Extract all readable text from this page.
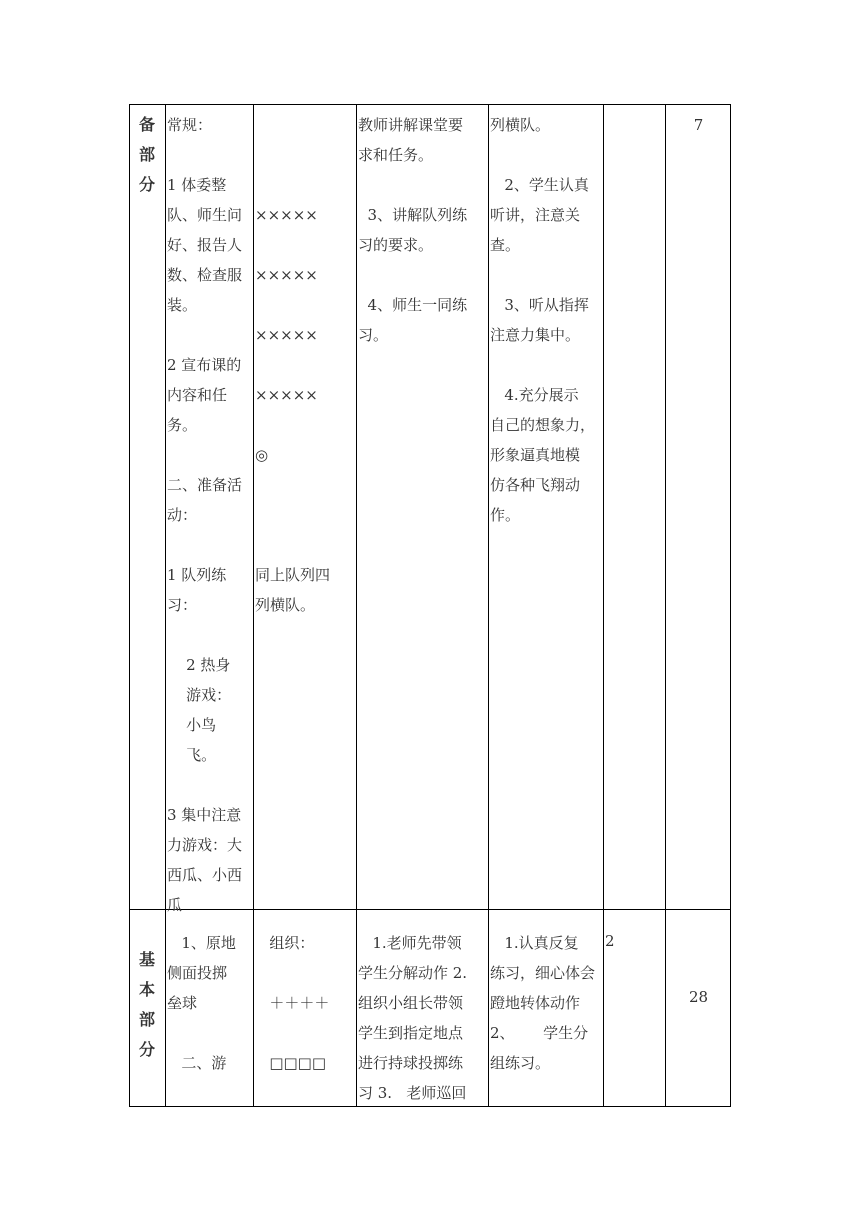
备 部 分
常规：

1 体委整
队、师生问
好、报告人
数、检查服
装。

2 宣布课的
内容和任
务。

二、准备活
动：

1 队列练
习：

2 热身
游戏：
小鸟
飞。

3 集中注意
力游戏：大
西瓜、小西
瓜

×××××

×××××

×××××

×××××

◎

同上队列四
列横队。
教师讲解课堂要
求和任务。

3、讲解队列练
习的要求。

4、师生一同练
习。
列横队。

2、学生认真
听讲，注意关
查。

3、听从指挥
注意力集中。

4.充分展示
自己的想象力，
形象逼真地模
仿各种飞翔动
作。
7
基 本 部 分
1、原地
侧面投掷
垒球

二、游
组织：

＋＋＋＋

□□□□
1.老师先带领
学生分解动作 2.
组织小组长带领
学生到指定地点
进行持球投掷练
习 3.   老师巡回
1.认真反复
练习，细心体会
蹬地转体动作
2、      学生分
组练习。
2
28
